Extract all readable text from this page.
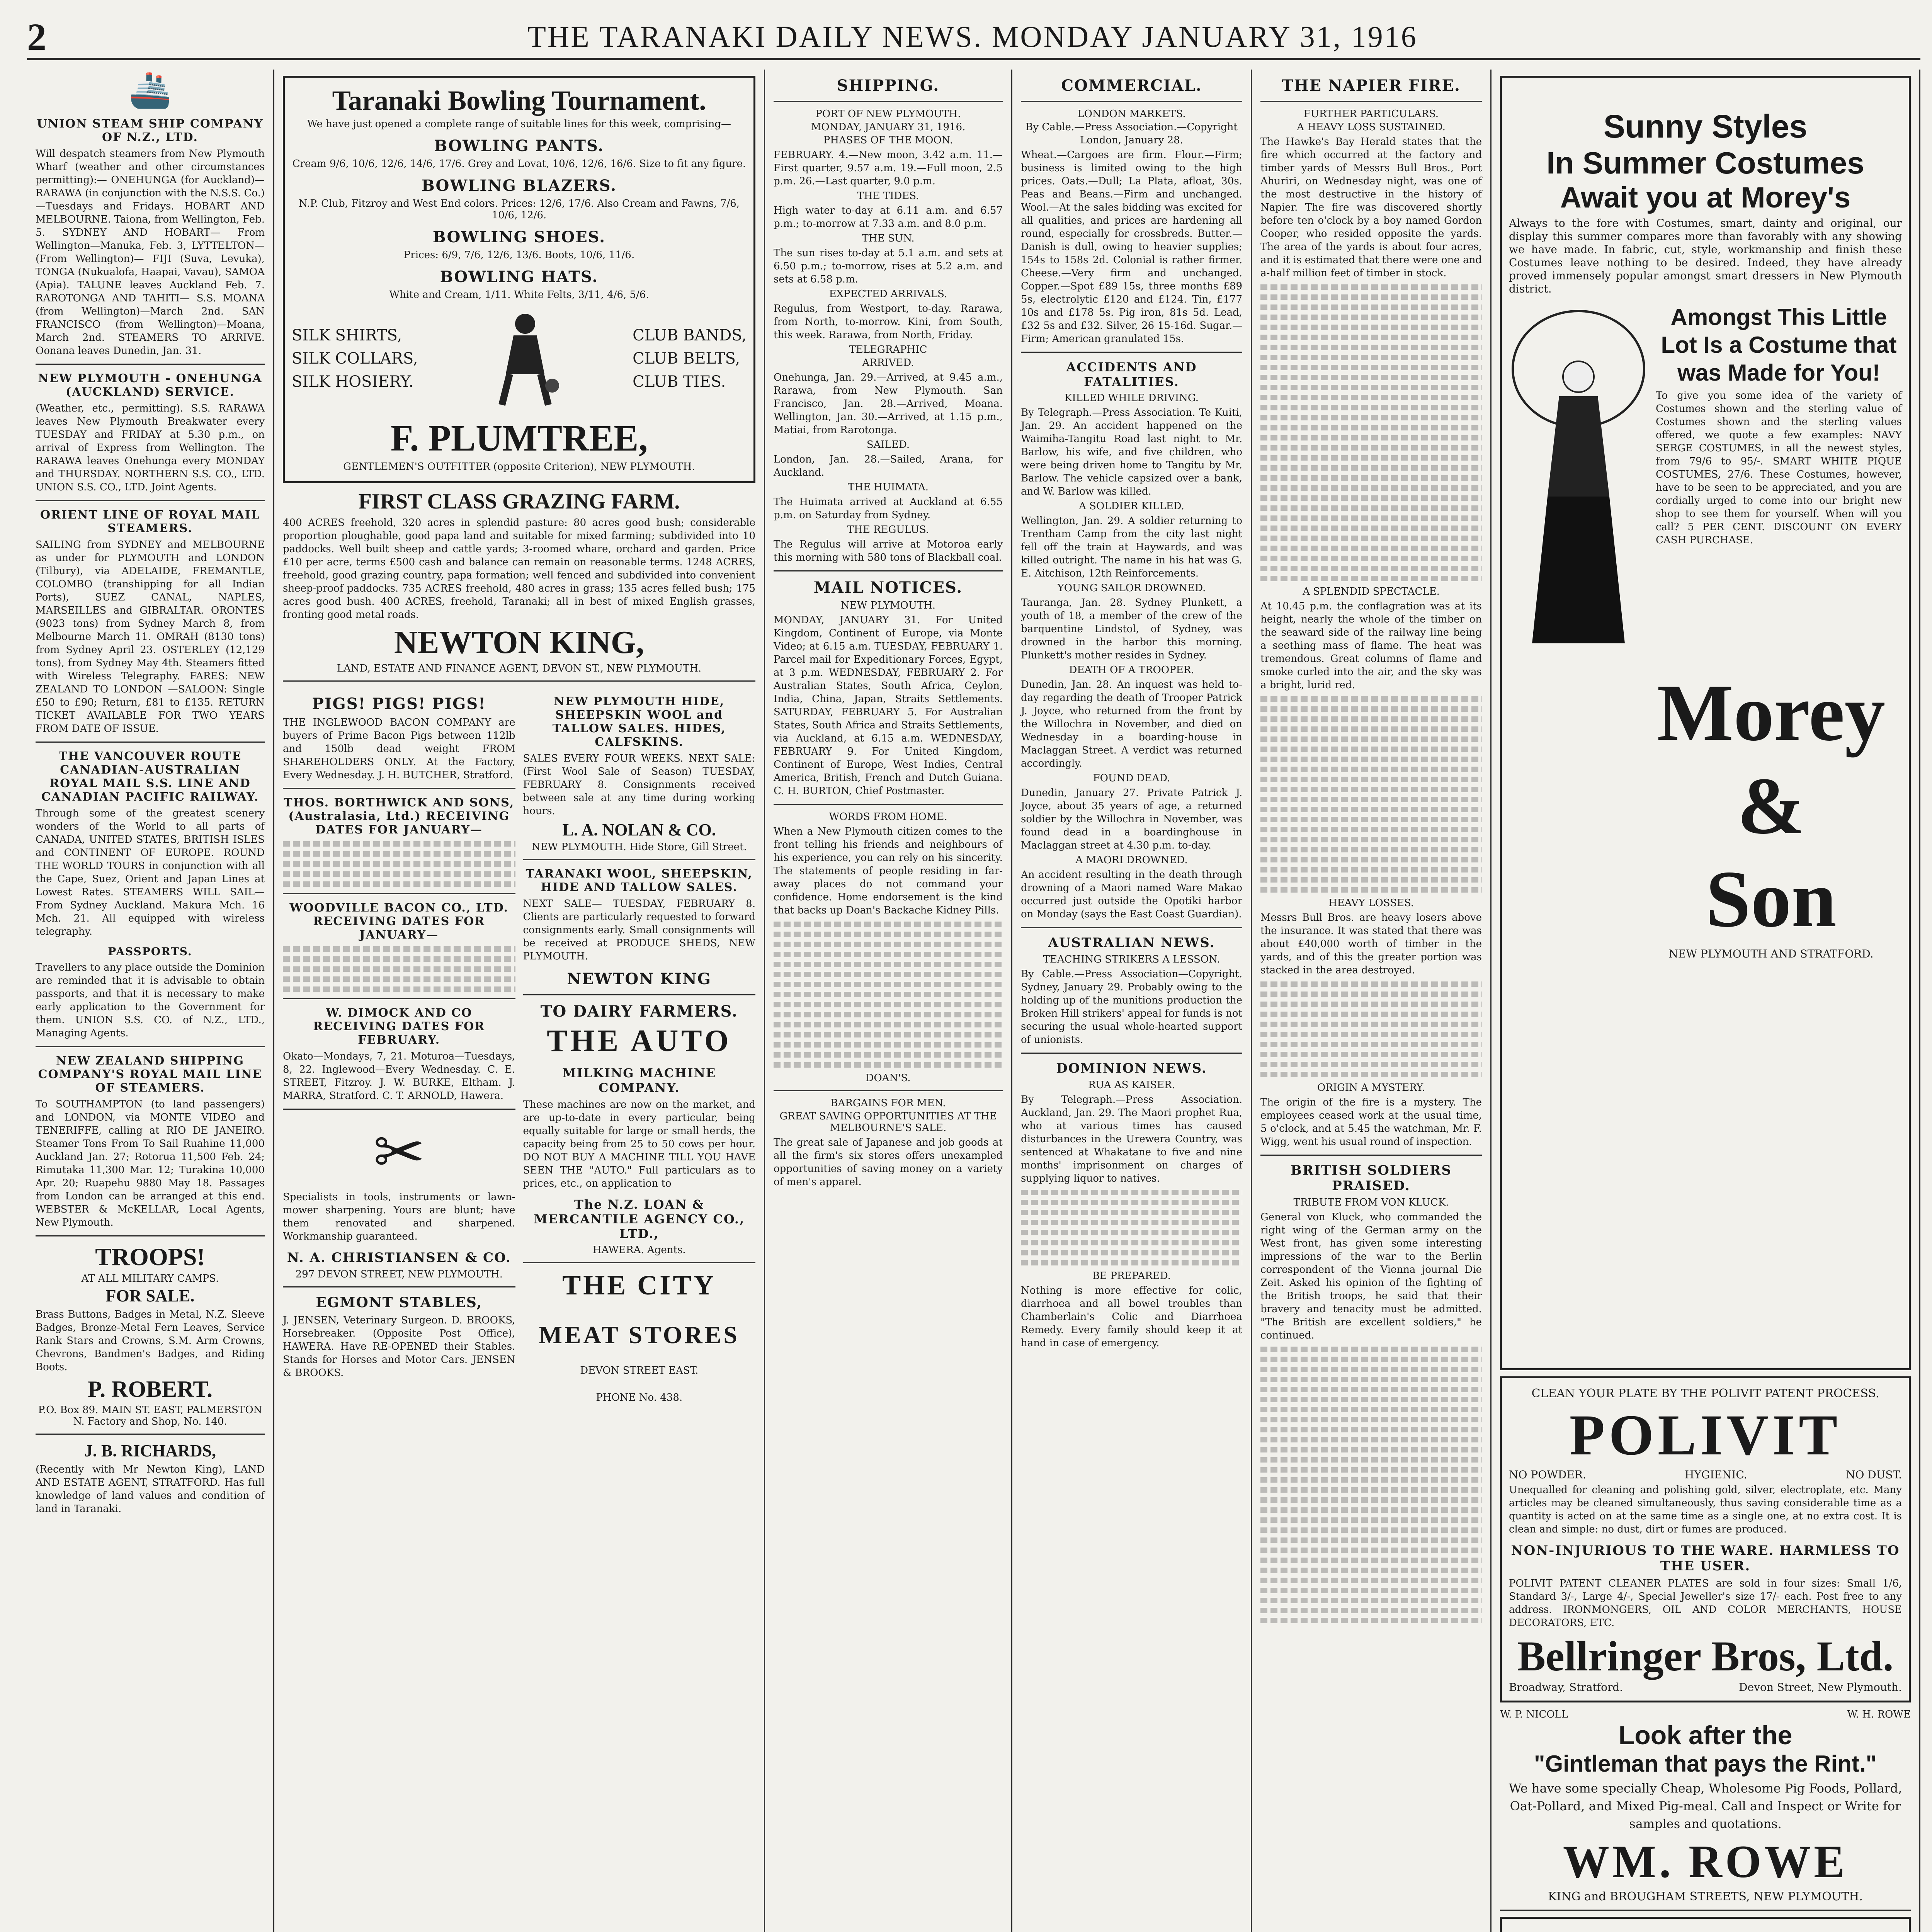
2	THE TARANAKI DAILY NEWS. MONDAY JANUARY 31, 1916
🚢
UNION STEAM SHIP COMPANY OF N.Z., LTD.
Will despatch steamers from New Plymouth Wharf (weather and other circumstances permitting):— ONEHUNGA (for Auckland)— RARAWA (in conjunction with the N.S.S. Co.)—Tuesdays and Fridays. HOBART AND MELBOURNE. Taiona, from Wellington, Feb. 5. SYDNEY AND HOBART— From Wellington—Manuka, Feb. 3, LYTTELTON— (From Wellington)— FIJI (Suva, Levuka), TONGA (Nukualofa, Haapai, Vavau), SAMOA (Apia). TALUNE leaves Auckland Feb. 7. RAROTONGA AND TAHITI— S.S. MOANA (from Wellington)—March 2nd. SAN FRANCISCO (from Wellington)—Moana, March 2nd. STEAMERS TO ARRIVE. Oonana leaves Dunedin, Jan. 31.
NEW PLYMOUTH - ONEHUNGA (AUCKLAND) SERVICE.
(Weather, etc., permitting). S.S. RARAWA leaves New Plymouth Breakwater every TUESDAY and FRIDAY at 5.30 p.m., on arrival of Express from Wellington. The RARAWA leaves Onehunga every MONDAY and THURSDAY. NORTHERN S.S. CO., LTD. UNION S.S. CO., LTD. Joint Agents.
ORIENT LINE OF ROYAL MAIL STEAMERS.
SAILING from SYDNEY and MELBOURNE as under for PLYMOUTH and LONDON (Tilbury), via ADELAIDE, FREMANTLE, COLOMBO (transhipping for all Indian Ports), SUEZ CANAL, NAPLES, MARSEILLES and GIBRALTAR. ORONTES (9023 tons) from Sydney March 8, from Melbourne March 11. OMRAH (8130 tons) from Sydney April 23. OSTERLEY (12,129 tons), from Sydney May 4th. Steamers fitted with Wireless Telegraphy. FARES: NEW ZEALAND TO LONDON —SALOON: Single £50 to £90; Return, £81 to £135. RETURN TICKET AVAILABLE FOR TWO YEARS FROM DATE OF ISSUE.
THE VANCOUVER ROUTE CANADIAN-AUSTRALIAN ROYAL MAIL S.S. LINE AND CANADIAN PACIFIC RAILWAY.
Through some of the greatest scenery wonders of the World to all parts of CANADA, UNITED STATES, BRITISH ISLES and CONTINENT OF EUROPE. ROUND THE WORLD TOURS in conjunction with all the Cape, Suez, Orient and Japan Lines at Lowest Rates. STEAMERS WILL SAIL— From Sydney Auckland. Makura Mch. 16 Mch. 21. All equipped with wireless telegraphy.
PASSPORTS.
Travellers to any place outside the Dominion are reminded that it is advisable to obtain passports, and that it is necessary to make early application to the Government for them. UNION S.S. CO. of N.Z., LTD., Managing Agents.
NEW ZEALAND SHIPPING COMPANY'S ROYAL MAIL LINE OF STEAMERS.
To SOUTHAMPTON (to land passengers) and LONDON, via MONTE VIDEO and TENERIFFE, calling at RIO DE JANEIRO. Steamer Tons From To Sail Ruahine 11,000 Auckland Jan. 27; Rotorua 11,500 Feb. 24; Rimutaka 11,300 Mar. 12; Turakina 10,000 Apr. 20; Ruapehu 9880 May 18. Passages from London can be arranged at this end. WEBSTER & McKELLAR, Local Agents, New Plymouth.
TROOPS!
AT ALL MILITARY CAMPS.
FOR SALE.
Brass Buttons, Badges in Metal, N.Z. Sleeve Badges, Bronze-Metal Fern Leaves, Service Rank Stars and Crowns, S.M. Arm Crowns, Chevrons, Bandmen's Badges, and Riding Boots.
P. ROBERT.
P.O. Box 89. MAIN ST. EAST, PALMERSTON N. Factory and Shop, No. 140.
J. B. RICHARDS,
(Recently with Mr Newton King), LAND AND ESTATE AGENT, STRATFORD. Has full knowledge of land values and condition of land in Taranaki.
Taranaki Bowling Tournament.
We have just opened a complete range of suitable lines for this week, comprising—
BOWLING PANTS.
Cream 9/6, 10/6, 12/6, 14/6, 17/6. Grey and Lovat, 10/6, 12/6, 16/6. Size to fit any figure.
BOWLING BLAZERS.
N.P. Club, Fitzroy and West End colors. Prices: 12/6, 17/6. Also Cream and Fawns, 7/6, 10/6, 12/6.
BOWLING SHOES.
Prices: 6/9, 7/6, 12/6, 13/6. Boots, 10/6, 11/6.
BOWLING HATS.
White and Cream, 1/11. White Felts, 3/11, 4/6, 5/6.
SILK SHIRTS,
SILK COLLARS,
SILK HOSIERY.
CLUB BANDS,
CLUB BELTS,
CLUB TIES.
F. PLUMTREE,
GENTLEMEN'S OUTFITTER (opposite Criterion), NEW PLYMOUTH.
FIRST CLASS GRAZING FARM.
400 ACRES freehold, 320 acres in splendid pasture: 80 acres good bush; considerable proportion ploughable, good papa land and suitable for mixed farming; subdivided into 10 paddocks. Well built sheep and cattle yards; 3-roomed whare, orchard and garden. Price £10 per acre, terms £500 cash and balance can remain on reasonable terms. 1248 ACRES, freehold, good grazing country, papa formation; well fenced and subdivided into convenient sheep-proof paddocks. 735 ACRES freehold, 480 acres in grass; 135 acres felled bush; 175 acres good bush. 400 ACRES, freehold, Taranaki; all in best of mixed English grasses, fronting good metal roads.
NEWTON KING,
LAND, ESTATE AND FINANCE AGENT, DEVON ST., NEW PLYMOUTH.
PIGS! PIGS! PIGS!
THE INGLEWOOD BACON COMPANY are buyers of Prime Bacon Pigs between 112lb and 150lb dead weight FROM SHAREHOLDERS ONLY. At the Factory, Every Wednesday. J. H. BUTCHER, Stratford.
THOS. BORTHWICK AND SONS, (Australasia, Ltd.) RECEIVING DATES FOR JANUARY—
WOODVILLE BACON CO., LTD. RECEIVING DATES FOR JANUARY—
W. DIMOCK AND CO RECEIVING DATES FOR FEBRUARY.
Okato—Mondays, 7, 21. Moturoa—Tuesdays, 8, 22. Inglewood—Every Wednesday. C. E. STREET, Fitzroy. J. W. BURKE, Eltham. J. MARRA, Stratford. C. T. ARNOLD, Hawera.
✂
Specialists in tools, instruments or lawn-mower sharpening. Yours are blunt; have them renovated and sharpened. Workmanship guaranteed.
N. A. CHRISTIANSEN & CO.
297 DEVON STREET, NEW PLYMOUTH.
EGMONT STABLES,
J. JENSEN, Veterinary Surgeon. D. BROOKS, Horsebreaker. (Opposite Post Office), HAWERA. Have RE-OPENED their Stables. Stands for Horses and Motor Cars. JENSEN & BROOKS.
NEW PLYMOUTH HIDE, SHEEPSKIN WOOL and TALLOW SALES. HIDES, CALFSKINS.
SALES EVERY FOUR WEEKS. NEXT SALE: (First Wool Sale of Season) TUESDAY, FEBRUARY 8. Consignments received between sale at any time during working hours.
L. A. NOLAN & CO.
NEW PLYMOUTH. Hide Store, Gill Street.
TARANAKI WOOL, SHEEPSKIN, HIDE AND TALLOW SALES.
NEXT SALE— TUESDAY, FEBRUARY 8. Clients are particularly requested to forward consignments early. Small consignments will be received at PRODUCE SHEDS, NEW PLYMOUTH.
NEWTON KING
TO DAIRY FARMERS.
THE AUTO
MILKING MACHINE COMPANY.
These machines are now on the market, and are up-to-date in every particular, being equally suitable for large or small herds, the capacity being from 25 to 50 cows per hour. DO NOT BUY A MACHINE TILL YOU HAVE SEEN THE "AUTO." Full particulars as to prices, etc., on application to
The N.Z. LOAN & MERCANTILE AGENCY CO., LTD.,
HAWERA. Agents.
THE CITY
MEAT STORES
DEVON STREET EAST.
PHONE No. 438.
SHIPPING.
PORT OF NEW PLYMOUTH.
MONDAY, JANUARY 31, 1916.
PHASES OF THE MOON.
FEBRUARY. 4.—New moon, 3.42 a.m. 11.—First quarter, 9.57 a.m. 19.—Full moon, 2.5 p.m. 26.—Last quarter, 9.0 p.m.
THE TIDES.
High water to-day at 6.11 a.m. and 6.57 p.m.; to-morrow at 7.33 a.m. and 8.0 p.m.
THE SUN.
The sun rises to-day at 5.1 a.m. and sets at 6.50 p.m.; to-morrow, rises at 5.2 a.m. and sets at 6.58 p.m.
EXPECTED ARRIVALS.
Regulus, from Westport, to-day. Rarawa, from North, to-morrow. Kini, from South, this week. Rarawa, from North, Friday.
TELEGRAPHIC
ARRIVED.
Onehunga, Jan. 29.—Arrived, at 9.45 a.m., Rarawa, from New Plymouth. San Francisco, Jan. 28.—Arrived, Moana. Wellington, Jan. 30.—Arrived, at 1.15 p.m., Matiai, from Rarotonga.
SAILED.
London, Jan. 28.—Sailed, Arana, for Auckland.
THE HUIMATA.
The Huimata arrived at Auckland at 6.55 p.m. on Saturday from Sydney.
THE REGULUS.
The Regulus will arrive at Motoroa early this morning with 580 tons of Blackball coal.
MAIL NOTICES.
NEW PLYMOUTH.
MONDAY, JANUARY 31. For United Kingdom, Continent of Europe, via Monte Video; at 6.15 a.m. TUESDAY, FEBRUARY 1. Parcel mail for Expeditionary Forces, Egypt, at 3 p.m. WEDNESDAY, FEBRUARY 2. For Australian States, South Africa, Ceylon, India, China, Japan, Straits Settlements. SATURDAY, FEBRUARY 5. For Australian States, South Africa and Straits Settlements, via Auckland, at 6.15 a.m. WEDNESDAY, FEBRUARY 9. For United Kingdom, Continent of Europe, West Indies, Central America, British, French and Dutch Guiana. C. H. BURTON, Chief Postmaster.
WORDS FROM HOME.
When a New Plymouth citizen comes to the front telling his friends and neighbours of his experience, you can rely on his sincerity. The statements of people residing in far-away places do not command your confidence. Home endorsement is the kind that backs up Doan's Backache Kidney Pills.
DOAN'S.
BARGAINS FOR MEN.
GREAT SAVING OPPORTUNITIES AT THE MELBOURNE'S SALE.
The great sale of Japanese and job goods at all the firm's six stores offers unexampled opportunities of saving money on a variety of men's apparel.
COMMERCIAL.
LONDON MARKETS.
By Cable.—Press Association.—Copyright
London, January 28.
Wheat.—Cargoes are firm. Flour.—Firm; business is limited owing to the high prices. Oats.—Dull; La Plata, afloat, 30s. Peas and Beans.—Firm and unchanged. Wool.—At the sales bidding was excited for all qualities, and prices are hardening all round, especially for crossbreds. Butter.—Danish is dull, owing to heavier supplies; 154s to 158s 2d. Colonial is rather firmer. Cheese.—Very firm and unchanged. Copper.—Spot £89 15s, three months £89 5s, electrolytic £120 and £124. Tin, £177 10s and £178 5s. Pig iron, 81s 5d. Lead, £32 5s and £32. Silver, 26 15-16d. Sugar.—Firm; American granulated 15s.
ACCIDENTS AND FATALITIES.
KILLED WHILE DRIVING.
By Telegraph.—Press Association. Te Kuiti, Jan. 29. An accident happened on the Waimiha-Tangitu Road last night to Mr. Barlow, his wife, and five children, who were being driven home to Tangitu by Mr. Barlow. The vehicle capsized over a bank, and W. Barlow was killed.
A SOLDIER KILLED.
Wellington, Jan. 29. A soldier returning to Trentham Camp from the city last night fell off the train at Haywards, and was killed outright. The name in his hat was G. E. Aitchison, 12th Reinforcements.
YOUNG SAILOR DROWNED.
Tauranga, Jan. 28. Sydney Plunkett, a youth of 18, a member of the crew of the barquentine Lindstol, of Sydney, was drowned in the harbor this morning. Plunkett's mother resides in Sydney.
DEATH OF A TROOPER.
Dunedin, Jan. 28. An inquest was held to-day regarding the death of Trooper Patrick J. Joyce, who returned from the front by the Willochra in November, and died on Wednesday in a boarding-house in Maclaggan Street. A verdict was returned accordingly.
FOUND DEAD.
Dunedin, January 27. Private Patrick J. Joyce, about 35 years of age, a returned soldier by the Willochra in November, was found dead in a boardinghouse in Maclaggan street at 4.30 p.m. to-day.
A MAORI DROWNED.
An accident resulting in the death through drowning of a Maori named Ware Makao occurred just outside the Opotiki harbor on Monday (says the East Coast Guardian).
AUSTRALIAN NEWS.
TEACHING STRIKERS A LESSON.
By Cable.—Press Association—Copyright. Sydney, January 29. Probably owing to the holding up of the munitions production the Broken Hill strikers' appeal for funds is not securing the usual whole-hearted support of unionists.
DOMINION NEWS.
RUA AS KAISER.
By Telegraph.—Press Association. Auckland, Jan. 29. The Maori prophet Rua, who at various times has caused disturbances in the Urewera Country, was sentenced at Whakatane to five and nine months' imprisonment on charges of supplying liquor to natives.
BE PREPARED.
Nothing is more effective for colic, diarrhoea and all bowel troubles than Chamberlain's Colic and Diarrhoea Remedy. Every family should keep it at hand in case of emergency.
THE NAPIER FIRE.
FURTHER PARTICULARS.
A HEAVY LOSS SUSTAINED.
The Hawke's Bay Herald states that the fire which occurred at the factory and timber yards of Messrs Bull Bros., Port Ahuriri, on Wednesday night, was one of the most destructive in the history of Napier. The fire was discovered shortly before ten o'clock by a boy named Gordon Cooper, who resided opposite the yards. The area of the yards is about four acres, and it is estimated that there were one and a-half million feet of timber in stock.
A SPLENDID SPECTACLE.
At 10.45 p.m. the conflagration was at its height, nearly the whole of the timber on the seaward side of the railway line being a seething mass of flame. The heat was tremendous. Great columns of flame and smoke curled into the air, and the sky was a bright, lurid red.
HEAVY LOSSES.
Messrs Bull Bros. are heavy losers above the insurance. It was stated that there was about £40,000 worth of timber in the yards, and of this the greater portion was stacked in the area destroyed.
ORIGIN A MYSTERY.
The origin of the fire is a mystery. The employees ceased work at the usual time, 5 o'clock, and at 5.45 the watchman, Mr. F. Wigg, went his usual round of inspection.
BRITISH SOLDIERS PRAISED.
TRIBUTE FROM VON KLUCK.
General von Kluck, who commanded the right wing of the German army on the West front, has given some interesting impressions of the war to the Berlin correspondent of the Vienna journal Die Zeit. Asked his opinion of the fighting of the British troops, he said that their bravery and tenacity must be admitted. "The British are excellent soldiers," he continued.
Sunny Styles
In Summer Costumes
Await you at Morey's
Always to the fore with Costumes, smart, dainty and original, our display this summer compares more than favorably with any showing we have made. In fabric, cut, style, workmanship and finish these Costumes leave nothing to be desired. Indeed, they have already proved immensely popular amongst smart dressers in New Plymouth district.
Amongst This Little Lot Is a Costume that was Made for You!
To give you some idea of the variety of Costumes shown and the sterling value of Costumes shown and the sterling values offered, we quote a few examples: NAVY SERGE COSTUMES, in all the newest styles, from 79/6 to 95/-. SMART WHITE PIQUE COSTUMES, 27/6. These Costumes, however, have to be seen to be appreciated, and you are cordially urged to come into our bright new shop to see them for yourself. When will you call? 5 PER CENT. DISCOUNT ON EVERY CASH PURCHASE.
Morey &
Son
NEW PLYMOUTH AND STRATFORD.
CLEAN YOUR PLATE BY THE POLIVIT PATENT PROCESS.
POLIVIT
NO POWDER.	HYGIENIC.	NO DUST.
Unequalled for cleaning and polishing gold, silver, electroplate, etc. Many articles may be cleaned simultaneously, thus saving considerable time as a quantity is acted on at the same time as a single one, at no extra cost. It is clean and simple: no dust, dirt or fumes are produced.
NON-INJURIOUS TO THE WARE. HARMLESS TO THE USER.
POLIVIT PATENT CLEANER PLATES are sold in four sizes: Small 1/6, Standard 3/-, Large 4/-, Special Jeweller's size 17/- each. Post free to any address. IRONMONGERS, OIL AND COLOR MERCHANTS, HOUSE DECORATORS, ETC.
Bellringer Bros, Ltd.
Broadway, Stratford.	Devon Street, New Plymouth.
W. P. NICOLL	W. H. ROWE
Look after the
"Gintleman that pays the Rint."
We have some specially Cheap, Wholesome Pig Foods, Pollard, Oat-Pollard, and Mixed Pig-meal. Call and Inspect or Write for samples and quotations.
WM. ROWE
KING and BROUGHAM STREETS, NEW PLYMOUTH.
